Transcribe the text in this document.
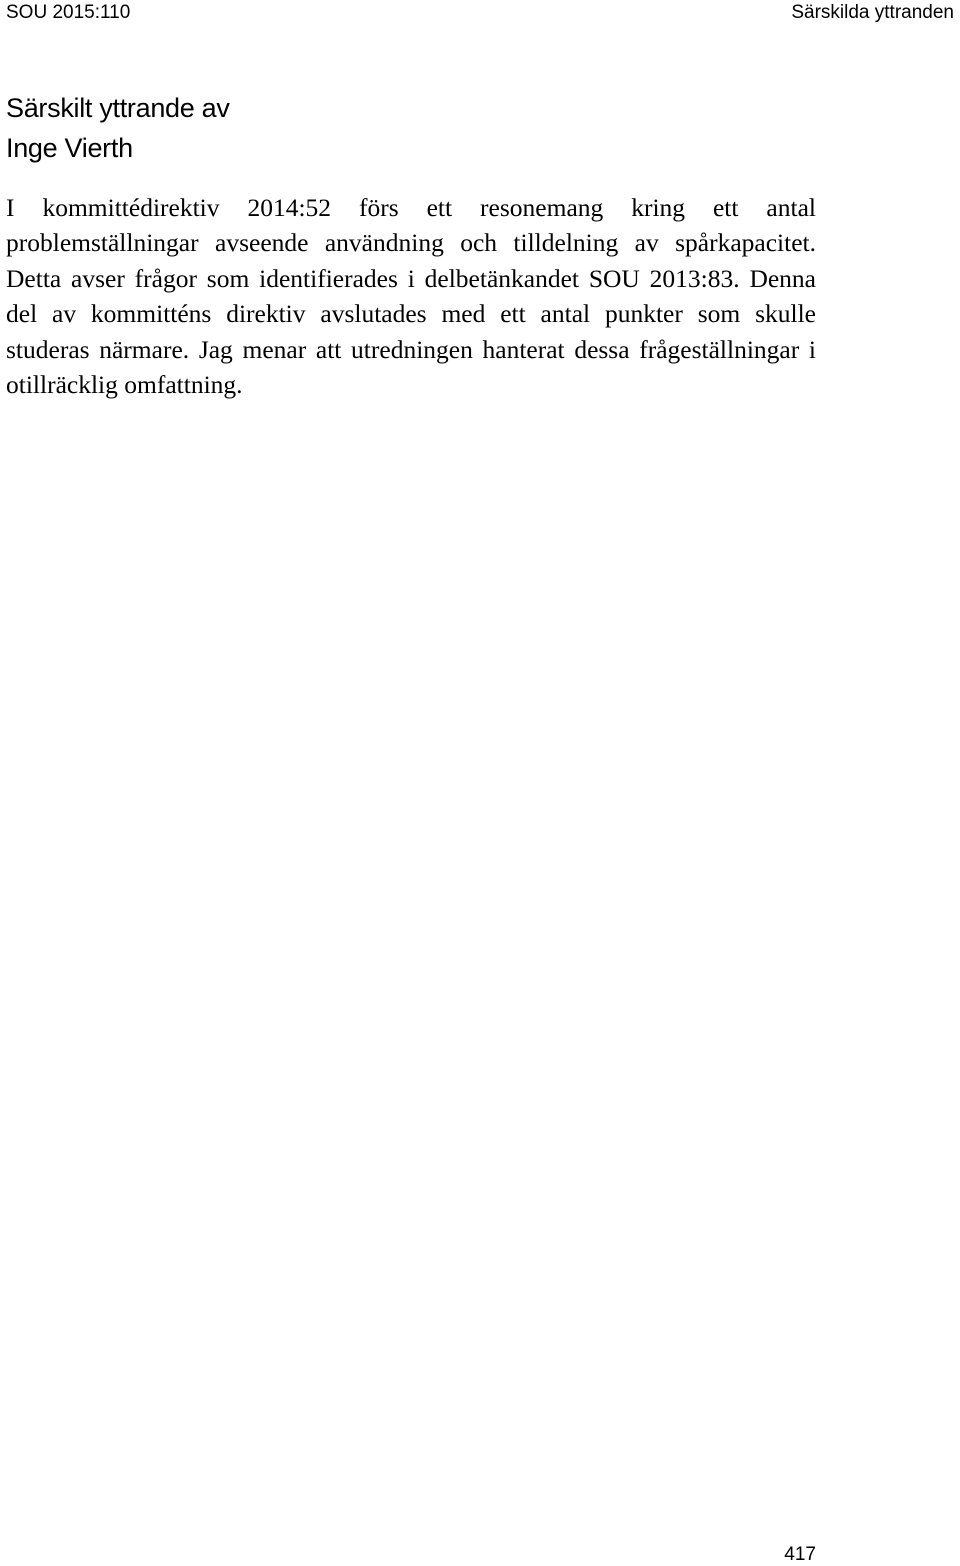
SOU 2015:110	Särskilda yttranden
Särskilt yttrande av
Inge Vierth

I kommittédirektiv 2014:52 förs ett resonemang kring ett antal problemställningar avseende användning och tilldelning av spårkapacitet. Detta avser frågor som identifierades i delbetänkandet SOU 2013:83. Denna del av kommitténs direktiv avslutades med ett antal punkter som skulle studeras närmare. Jag menar att utredningen hanterat dessa frågeställningar i otillräcklig omfattning.

417
